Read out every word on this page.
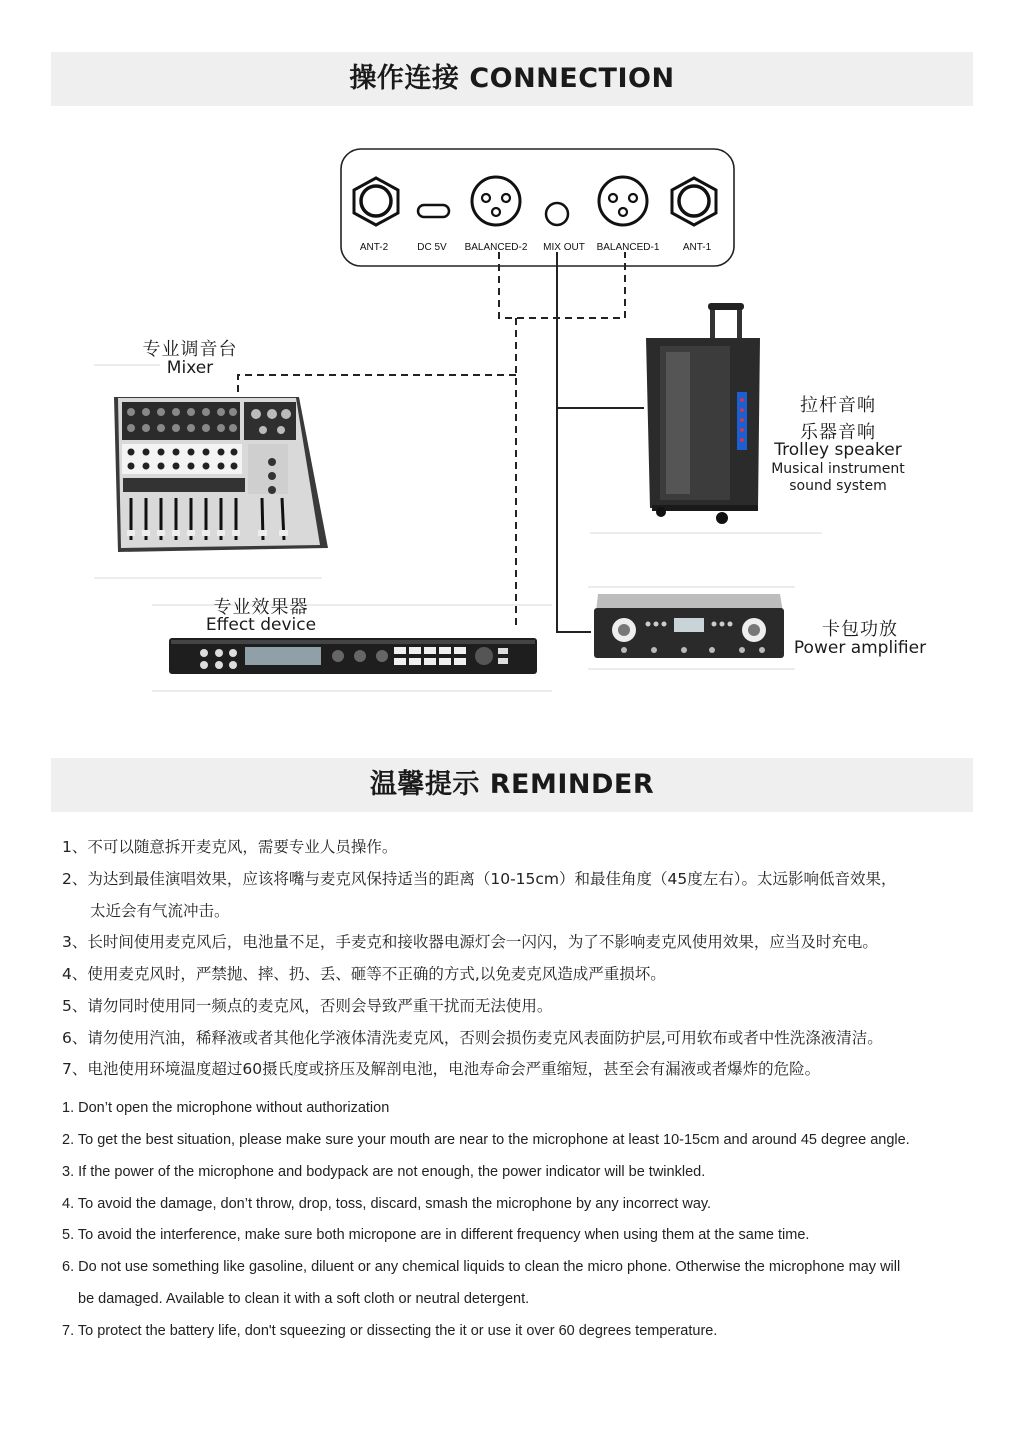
操作连接 CONNECTION
ANT-2	DC 5V BALANCED-2 MIX OUT BALANCED-1 ANT-1
专业调音台
Mixer
拉杆音响
乐器音响
Trolley speaker
Musical instrument
sound system
专业效果器
Effect device	卡包功放
Power amplifier
温馨提示 REMINDER
1、不可以随意拆开麦克风，需要专业人员操作。
2、为达到最佳演唱效果，应该将嘴与麦克风保持适当的距离（10-15cm）和最佳角度（45度左右）。太远影响低音效果，
太近会有气流冲击。
3、长时间使用麦克风后，电池量不足，手麦克和接收器电源灯会一闪闪，为了不影响麦克风使用效果，应当及时充电。
4、使用麦克风时，严禁抛、摔、扔、丢、砸等不正确的方式,以免麦克风造成严重损坏。
5、请勿同时使用同一频点的麦克风，否则会导致严重干扰而无法使用。
6、请勿使用汽油，稀释液或者其他化学液体清洗麦克风，否则会损伤麦克风表面防护层,可用软布或者中性洗涤液清洁。
7、电池使用环境温度超过60摄氏度或挤压及解剖电池，电池寿命会严重缩短，甚至会有漏液或者爆炸的危险。
1. Don’t open the microphone without authorization
2. To get the best situation, please make sure your mouth are near to the microphone at least 10-15cm and around 45 degree angle.
3. If the power of the microphone and bodypack are not enough, the power indicator will be twinkled.
4. To avoid the damage, don’t throw, drop, toss, discard, smash the microphone by any incorrect way.
5. To avoid the interference, make sure both micropone are in different frequency when using them at the same time.
6. Do not use something like gasoline, diluent or any chemical liquids to clean the micro phone. Otherwise the microphone may will
be damaged. Available to clean it with a soft cloth or neutral detergent.
7. To protect the battery life, don't squeezing or dissecting the it or use it over 60 degrees temperature.
